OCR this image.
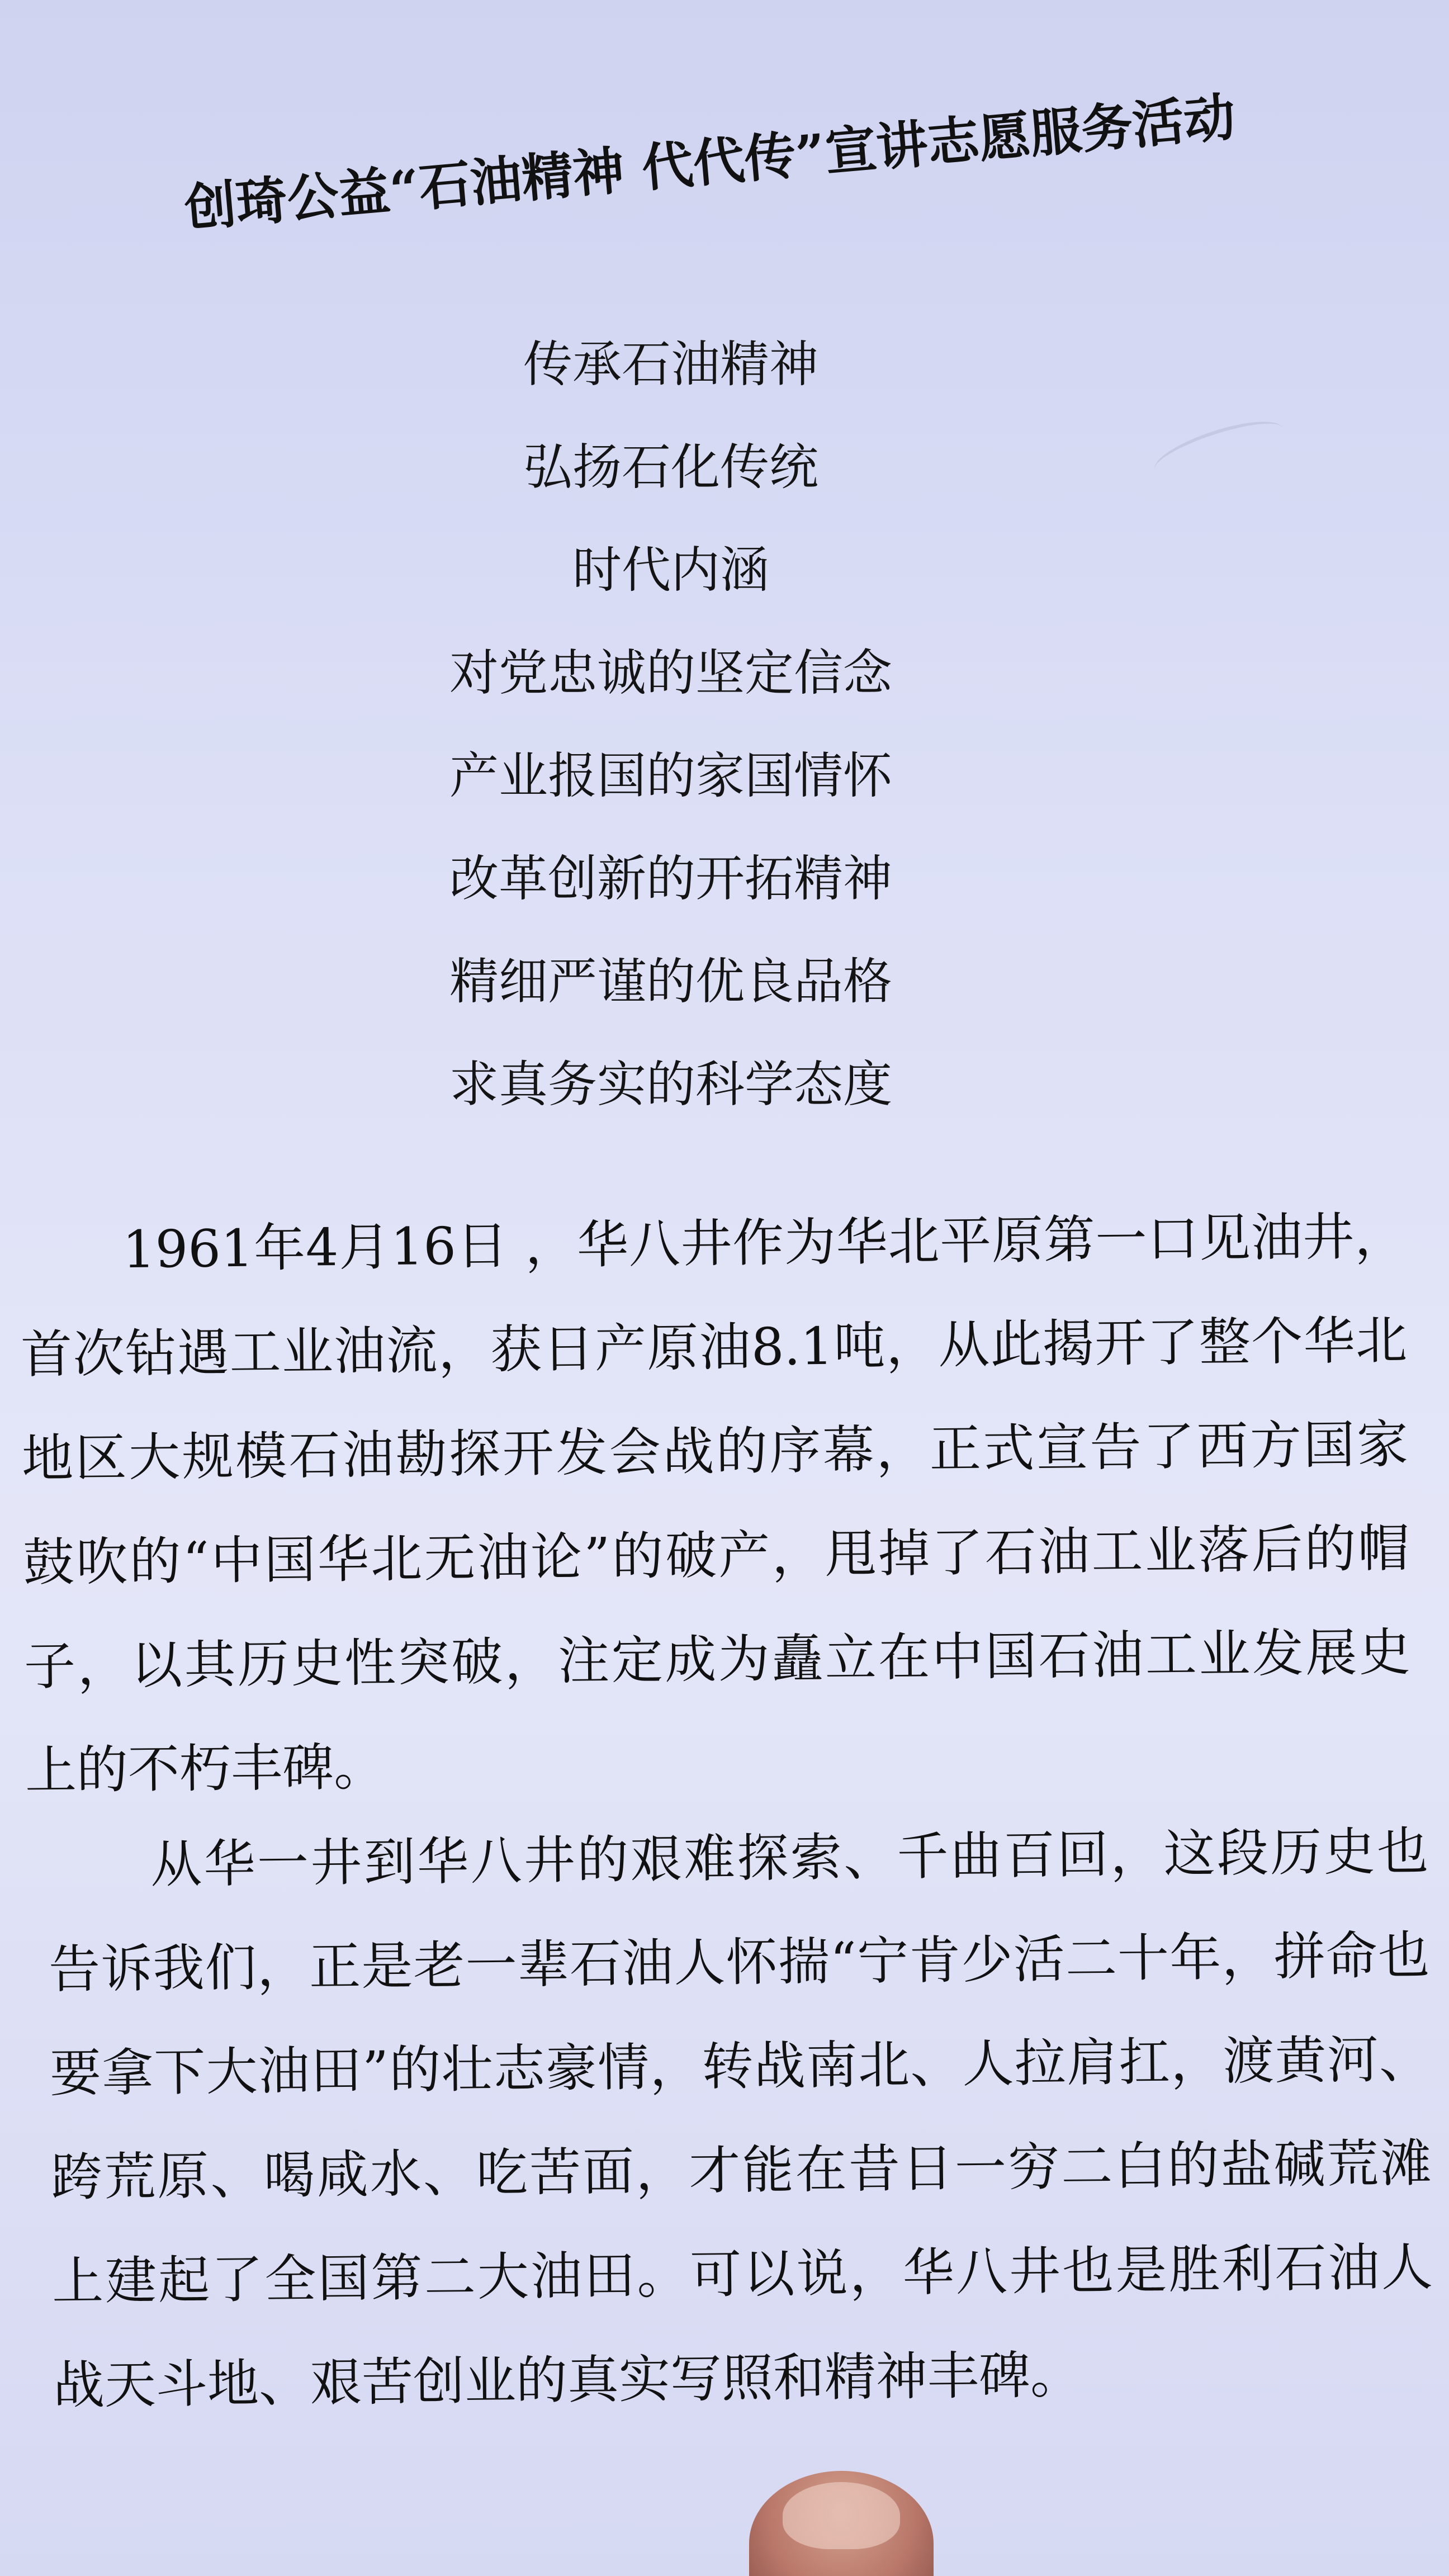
创琦公益“石油精神 代代传”宣讲志愿服务活动
传承石油精神
弘扬石化传统
时代内涵
对党忠诚的坚定信念
产业报国的家国情怀
改革创新的开拓精神
精细严谨的优良品格
求真务实的科学态度

1961年4月16日 ，华八井作为华北平原第一口见油井，首次钻遇工业油流，获日产原油8.1吨，从此揭开了整个华北地区大规模石油勘探开发会战的序幕，正式宣告了西方国家鼓吹的“中国华北无油论”的破产，甩掉了石油工业落后的帽子，以其历史性突破，注定成为矗立在中国石油工业发展史上的不朽丰碑。

从华一井到华八井的艰难探索、千曲百回，这段历史也告诉我们，正是老一辈石油人怀揣“宁肯少活二十年，拼命也要拿下大油田”的壮志豪情，转战南北、人拉肩扛，渡黄河、跨荒原、喝咸水、吃苦面，才能在昔日一穷二白的盐碱荒滩上建起了全国第二大油田。可以说，华八井也是胜利石油人战天斗地、艰苦创业的真实写照和精神丰碑。
